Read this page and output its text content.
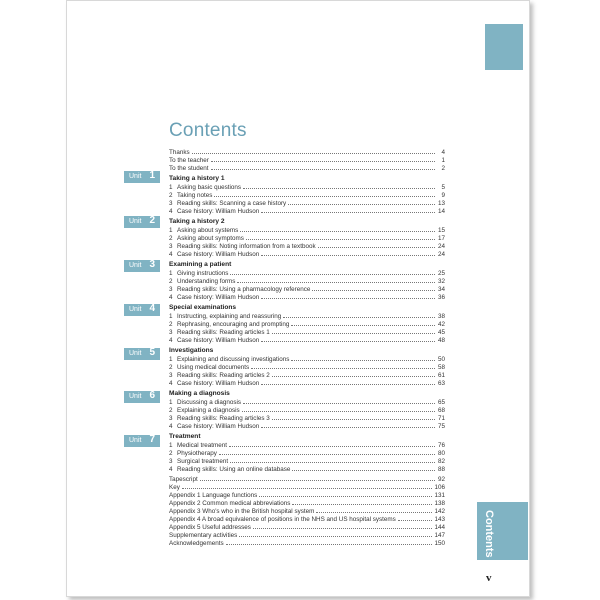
Contents
v
Contents
Thanks	4
To the teacher	1
To the student	2
Taking a history 1
1 Asking basic questions	5
2 Taking notes	9
3 Reading skills: Scanning a case history	13
4 Case history: William Hudson	14
Taking a history 2
1 Asking about systems	15
2 Asking about symptoms	17
3 Reading skills: Noting information from a textbook	24
4 Case history: William Hudson	24
Examining a patient
1 Giving instructions	25
2 Understanding forms	32
3 Reading skills: Using a pharmacology reference	34
4 Case history: William Hudson	36
Special examinations
1 Instructing, explaining and reassuring	38
2 Rephrasing, encouraging and prompting	42
3 Reading skills: Reading articles 1	45
4 Case history: William Hudson	48
Investigations
1 Explaining and discussing investigations	50
2 Using medical documents	58
3 Reading skills: Reading articles 2	61
4 Case history: William Hudson	63
Making a diagnosis
1 Discussing a diagnosis	65
2 Explaining a diagnosis	68
3 Reading skills: Reading articles 3	71
4 Case history: William Hudson	75
Treatment
1 Medical treatment	76
2 Physiotherapy	80
3 Surgical treatment	82
4 Reading skills: Using an online database	88
Tapescript	92
Key	106
Appendix 1 Language functions	131
Appendix 2 Common medical abbreviations	138
Appendix 3 Who's who in the British hospital system	142
Appendix 4 A broad equivalence of positions in the NHS and US hospital systems	143
Appendix 5 Useful addresses	144
Supplementary activities	147
Acknowledgements	150
Unit 1
Unit 2
Unit 3
Unit 4
Unit 5
Unit 6
Unit 7
